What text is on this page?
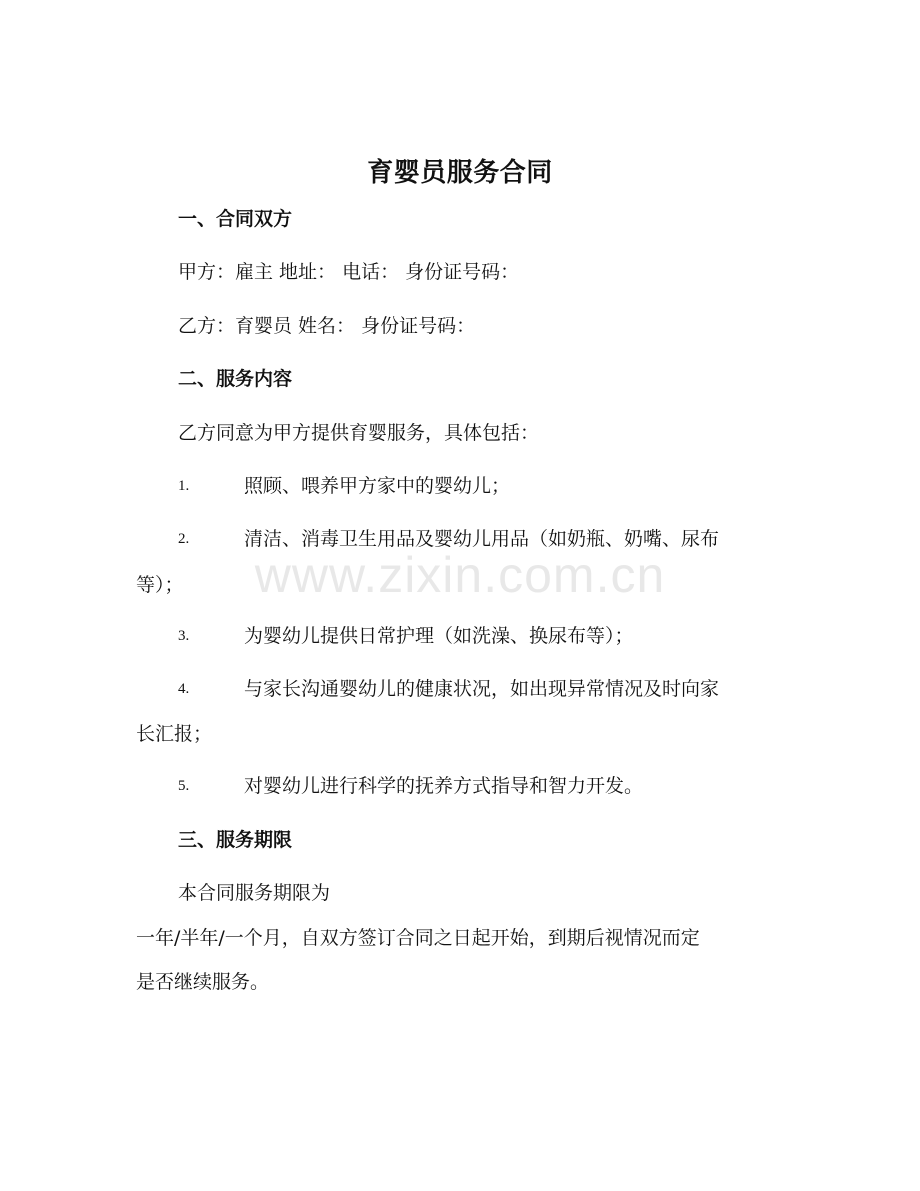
育婴员服务合同
一、合同双方
甲方：雇主 地址： 电话： 身份证号码：
乙方：育婴员 姓名： 身份证号码：
二、服务内容
乙方同意为甲方提供育婴服务，具体包括：
1.	照顾、喂养甲方家中的婴幼儿；
2.	清洁、消毒卫生用品及婴幼儿用品（如奶瓶、奶嘴、尿布
等）；
3.	为婴幼儿提供日常护理（如洗澡、换尿布等）；
4.	与家长沟通婴幼儿的健康状况，如出现异常情况及时向家
长汇报；
5.	对婴幼儿进行科学的抚养方式指导和智力开发。
三、服务期限
本合同服务期限为
一年/半年/一个月，自双方签订合同之日起开始，到期后视情况而定
是否继续服务。
www.zixin.com.cn
